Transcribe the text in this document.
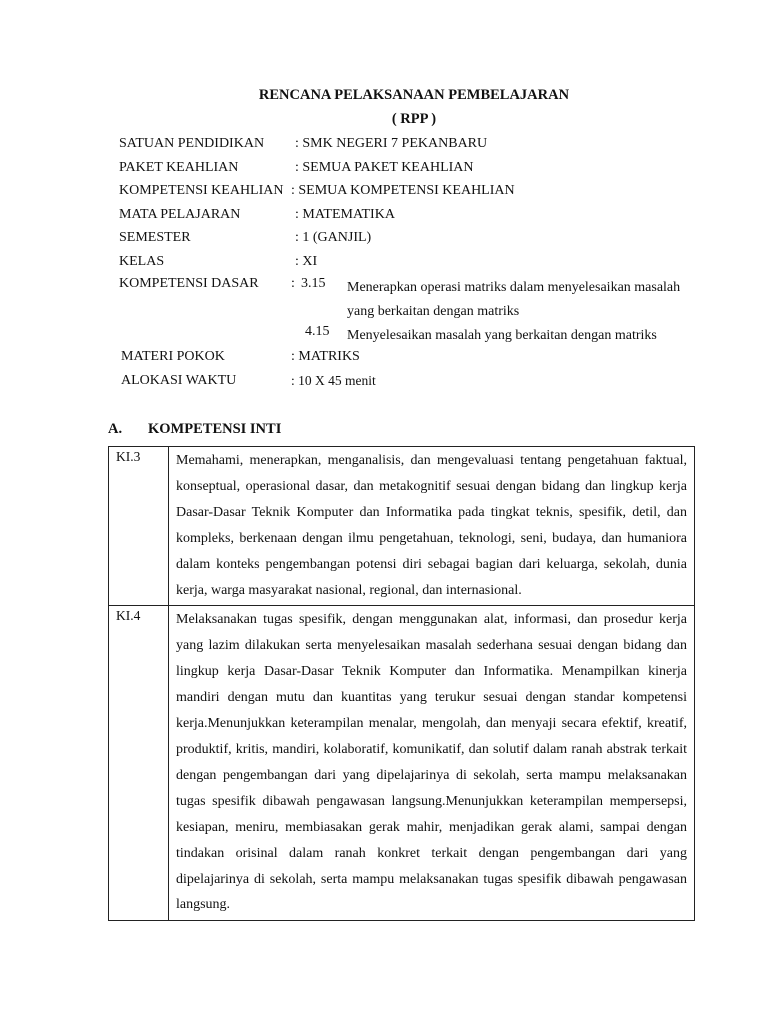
RENCANA PELAKSANAAN PEMBELAJARAN
( RPP )
SATUAN PENDIDIKAN : SMK NEGERI 7 PEKANBARU
PAKET KEAHLIAN	: SEMUA PAKET KEAHLIAN
KOMPETENSI KEAHLIAN : SEMUA KOMPETENSI KEAHLIAN
MATA PELAJARAN	: MATEMATIKA
SEMESTER	: 1 (GANJIL)
KELAS	: XI
KOMPETENSI DASAR : 3.15 Menerapkan operasi matriks dalam menyelesaikan masalah yang berkaitan dengan matriks
4.15 Menyelesaikan masalah yang berkaitan dengan matriks
MATERI POKOK	: MATRIKS
ALOKASI WAKTU	: 10 X 45 menit
A. KOMPETENSI INTI
KI.3	Memahami, menerapkan, menganalisis, dan mengevaluasi tentang pengetahuan faktual, konseptual, operasional dasar, dan metakognitif sesuai dengan bidang dan lingkup kerja Dasar-Dasar Teknik Komputer dan Informatika pada tingkat teknis, spesifik, detil, dan kompleks, berkenaan dengan ilmu pengetahuan, teknologi, seni, budaya, dan humaniora dalam konteks pengembangan potensi diri sebagai bagian dari keluarga, sekolah, dunia kerja, warga masyarakat nasional, regional, dan internasional.
KI.4	Melaksanakan tugas spesifik, dengan menggunakan alat, informasi, dan prosedur kerja yang lazim dilakukan serta menyelesaikan masalah sederhana sesuai dengan bidang dan lingkup kerja Dasar-Dasar Teknik Komputer dan Informatika. Menampilkan kinerja mandiri dengan mutu dan kuantitas yang terukur sesuai dengan standar kompetensi kerja.Menunjukkan keterampilan menalar, mengolah, dan menyaji secara efektif, kreatif, produktif, kritis, mandiri, kolaboratif, komunikatif, dan solutif dalam ranah abstrak terkait dengan pengembangan dari yang dipelajarinya di sekolah, serta mampu melaksanakan tugas spesifik dibawah pengawasan langsung.Menunjukkan keterampilan mempersepsi, kesiapan, meniru, membiasakan gerak mahir, menjadikan gerak alami, sampai dengan tindakan orisinal dalam ranah konkret terkait dengan pengembangan dari yang dipelajarinya di sekolah, serta mampu melaksanakan tugas spesifik dibawah pengawasan langsung.
